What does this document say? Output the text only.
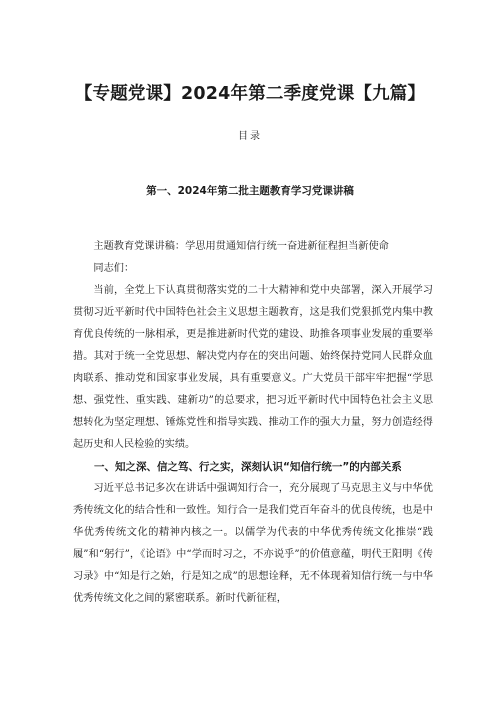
【专题党课】2024年第二季度党课【九篇】
目录
第一、2024年第二批主题教育学习党课讲稿

主题教育党课讲稿：学思用贯通知信行统一奋进新征程担当新使命

同志们：

当前，全党上下认真贯彻落实党的二十大精神和党中央部署，深入开展学习贯彻习近平新时代中国特色社会主义思想主题教育，这是我们党狠抓党内集中教育优良传统的一脉相承，更是推进新时代党的建设、助推各项事业发展的重要举措。其对于统一全党思想、解决党内存在的突出问题、始终保持党同人民群众血肉联系、推动党和国家事业发展，具有重要意义。广大党员干部牢牢把握“学思想、强党性、重实践、建新功”的总要求，把习近平新时代中国特色社会主义思想转化为坚定理想、锤炼党性和指导实践、推动工作的强大力量，努力创造经得起历史和人民检验的实绩。

一、知之深、信之笃、行之实，深刻认识“知信行统一”的内部关系

习近平总书记多次在讲话中强调知行合一，充分展现了马克思主义与中华优秀传统文化的结合性和一致性。知行合一是我们党百年奋斗的优良传统，也是中华优秀传统文化的精神内核之一。以儒学为代表的中华优秀传统文化推崇“践履”和“躬行”，《论语》中“学而时习之，不亦说乎”的价值意蕴，明代王阳明《传习录》中“知是行之始，行是知之成”的思想诠释，无不体现着知信行统一与中华优秀传统文化之间的紧密联系。新时代新征程，
